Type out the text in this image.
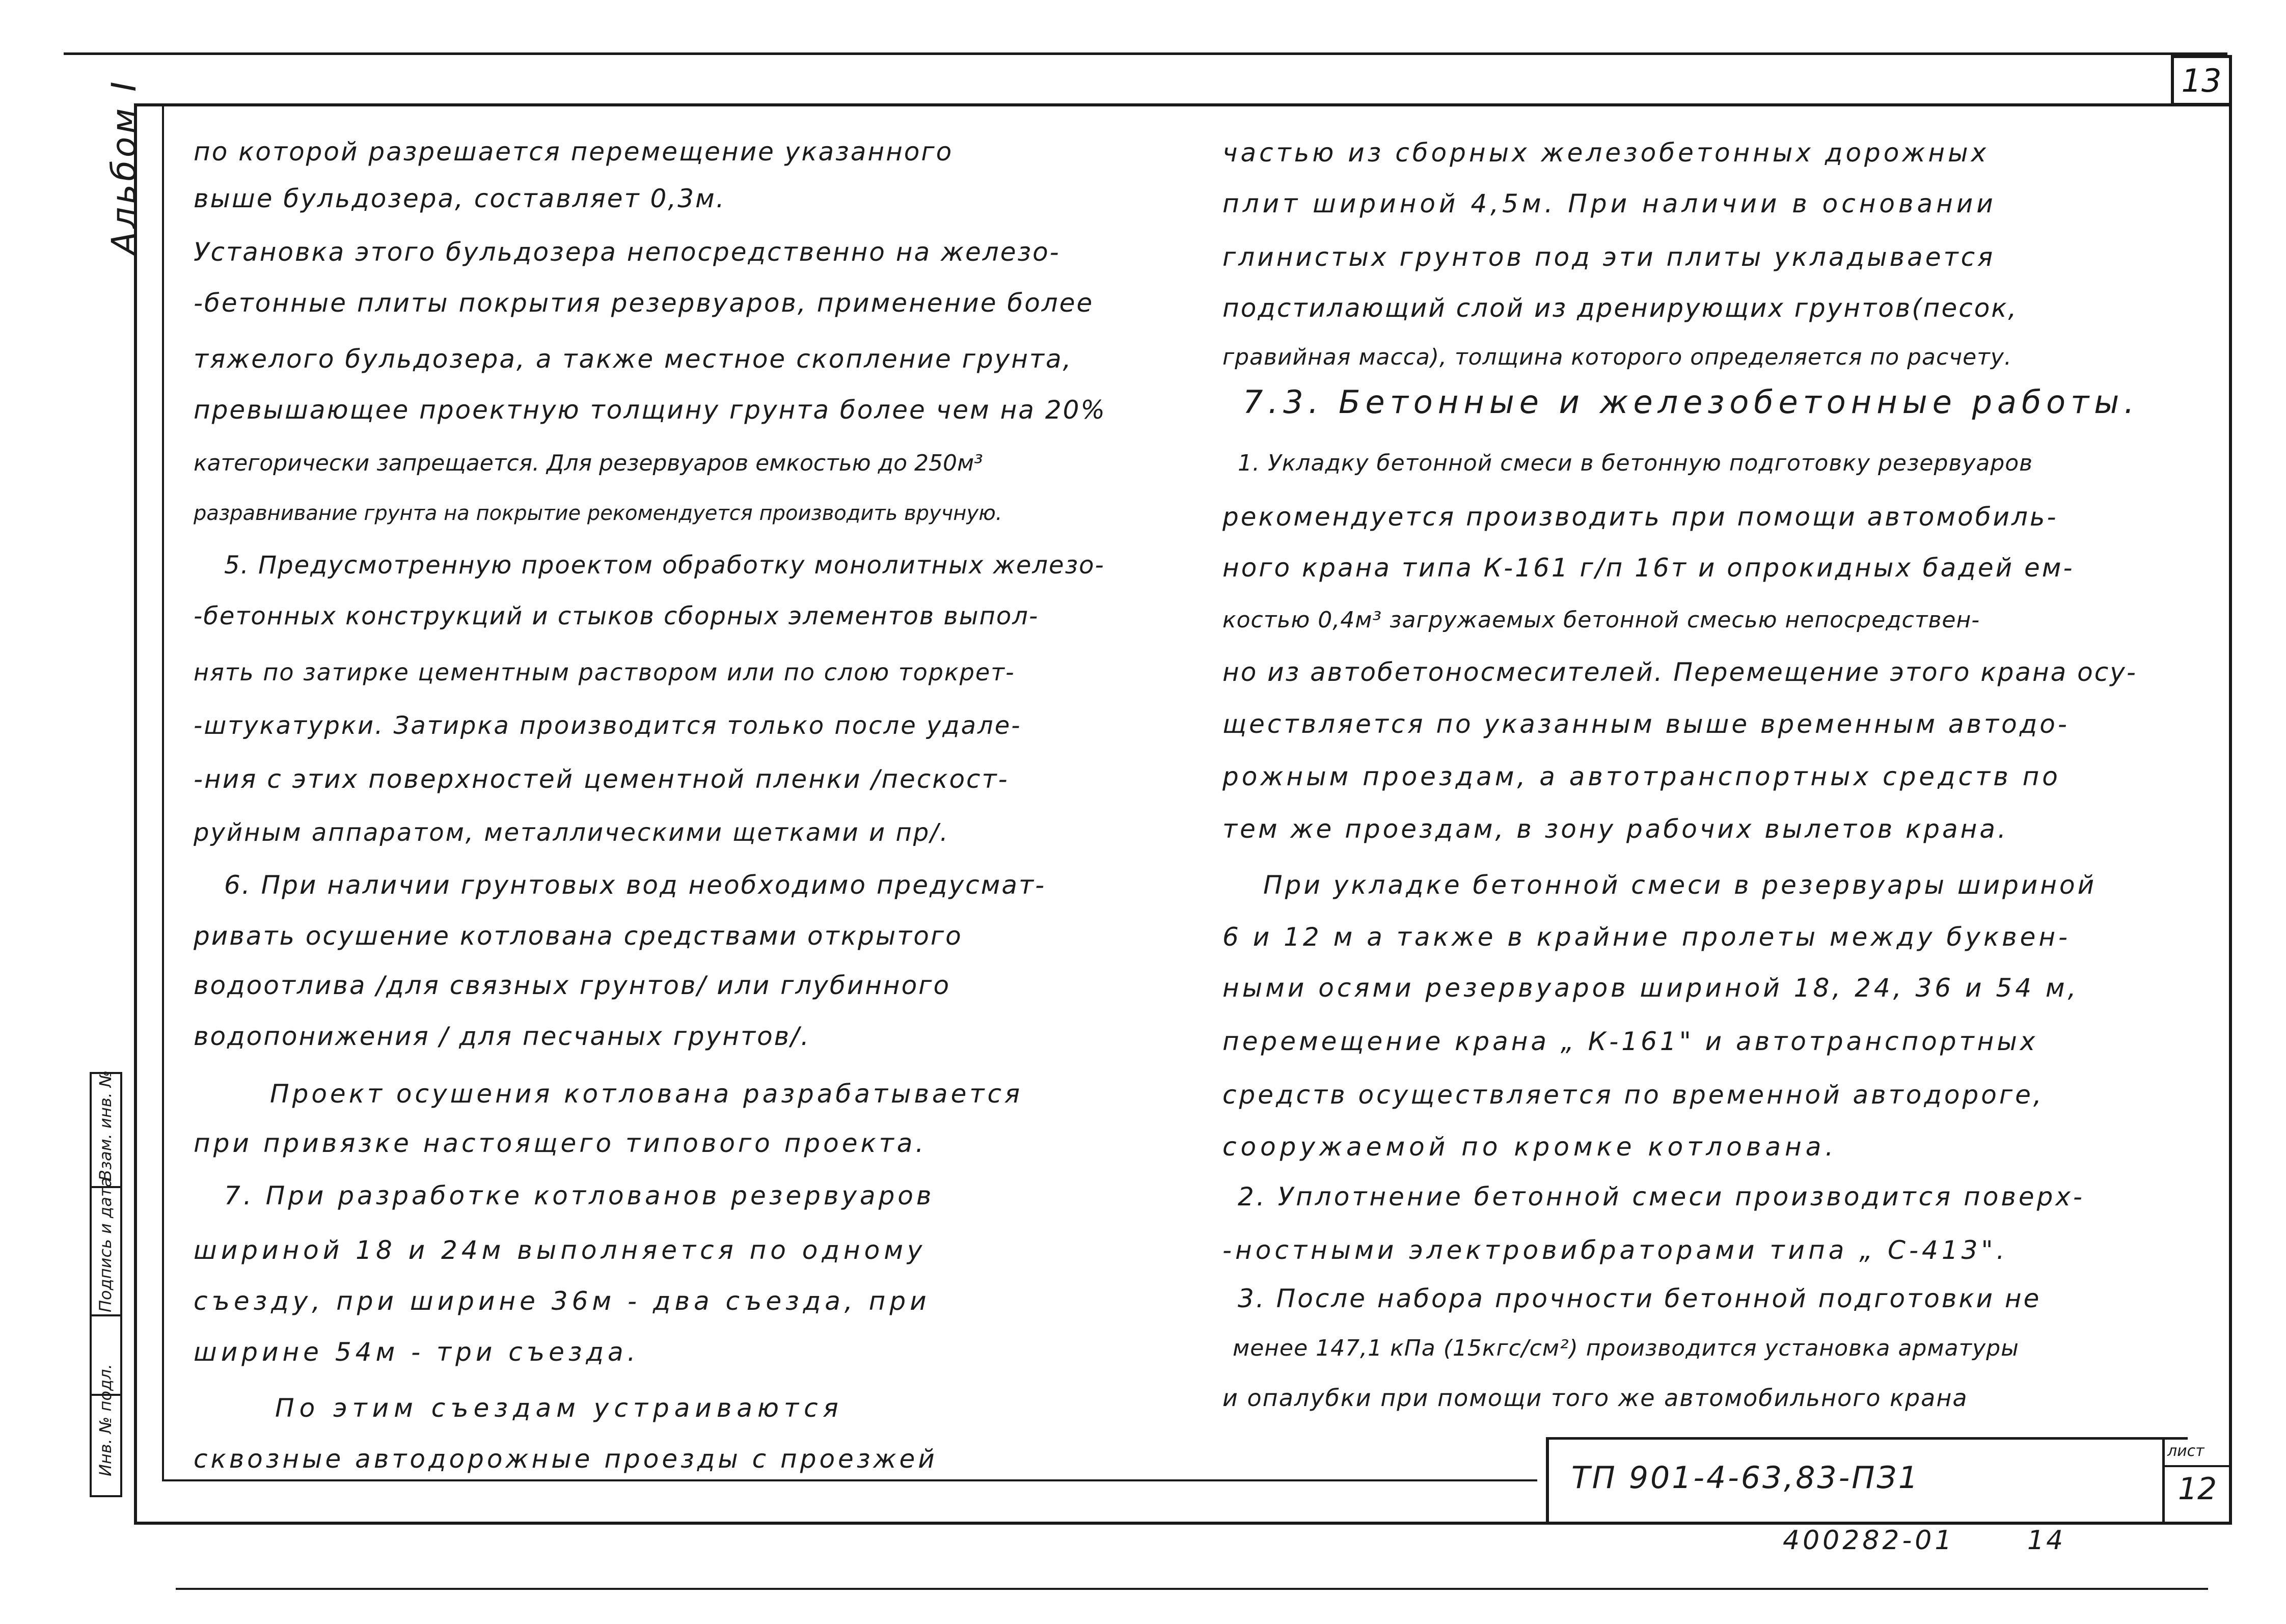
13
Альбом I
Взам. инв. №
Подпись и дата
Инв. № подл.
по которой разрешается перемещение указанного
выше бульдозера, составляет 0,3м.
Установка этого бульдозера непосредственно на железо-
-бетонные плиты покрытия резервуаров, применение более
тяжелого бульдозера, а также местное скопление грунта,
превышающее проектную толщину грунта более чем на 20%
категорически запрещается. Для резервуаров емкостью до 250м³
разравнивание грунта на покрытие рекомендуется производить вручную.
5. Предусмотренную проектом обработку монолитных железо-
-бетонных конструкций и стыков сборных элементов выпол-
нять по затирке цементным раствором или по слою торкрет-
-штукатурки. Затирка производится только после удале-
-ния с этих поверхностей цементной пленки /пескост-
руйным аппаратом, металлическими щетками и пр/.
6. При наличии грунтовых вод необходимо предусмат-
ривать осушение котлована средствами открытого
водоотлива /для связных грунтов/ или глубинного
водопонижения / для песчаных грунтов/.
Проект осушения котлована разрабатывается
при привязке настоящего типового проекта.
7. При разработке котлованов резервуаров
шириной 18 и 24м выполняется по одному
съезду, при ширине 36м - два съезда, при
ширине 54м - три съезда.
По этим съездам устраиваются
сквозные автодорожные проезды с проезжей
частью из сборных железобетонных дорожных
плит шириной 4,5м. При наличии в основании
глинистых грунтов под эти плиты укладывается
подстилающий слой из дренирующих грунтов(песок,
гравийная масса), толщина которого определяется по расчету.
7.3. Бетонные и железобетонные работы.
1. Укладку бетонной смеси в бетонную подготовку резервуаров
рекомендуется производить при помощи автомобиль-
ного крана типа К-161 г/п 16т и опрокидных бадей ем-
костью 0,4м³ загружаемых бетонной смесью непосредствен-
но из автобетоносмесителей. Перемещение этого крана осу-
ществляется по указанным выше временным автодо-
рожным проездам, а автотранспортных средств по
тем же проездам, в зону рабочих вылетов крана.
При укладке бетонной смеси в резервуары шириной
6 и 12 м а также в крайние пролеты между буквен-
ными осями резервуаров шириной 18, 24, 36 и 54 м,
перемещение крана „ К-161" и автотранспортных
средств осуществляется по временной автодороге,
сооружаемой по кромке котлована.
2. Уплотнение бетонной смеси производится поверх-
-ностными электровибраторами типа „ С-413".
3. После набора прочности бетонной подготовки не
менее 147,1 кПа (15кгс/см²) производится установка арматуры
и опалубки при помощи того же автомобильного крана
ТП 901-4-63,83-ПЗ1
лист
12
400282-01	14
